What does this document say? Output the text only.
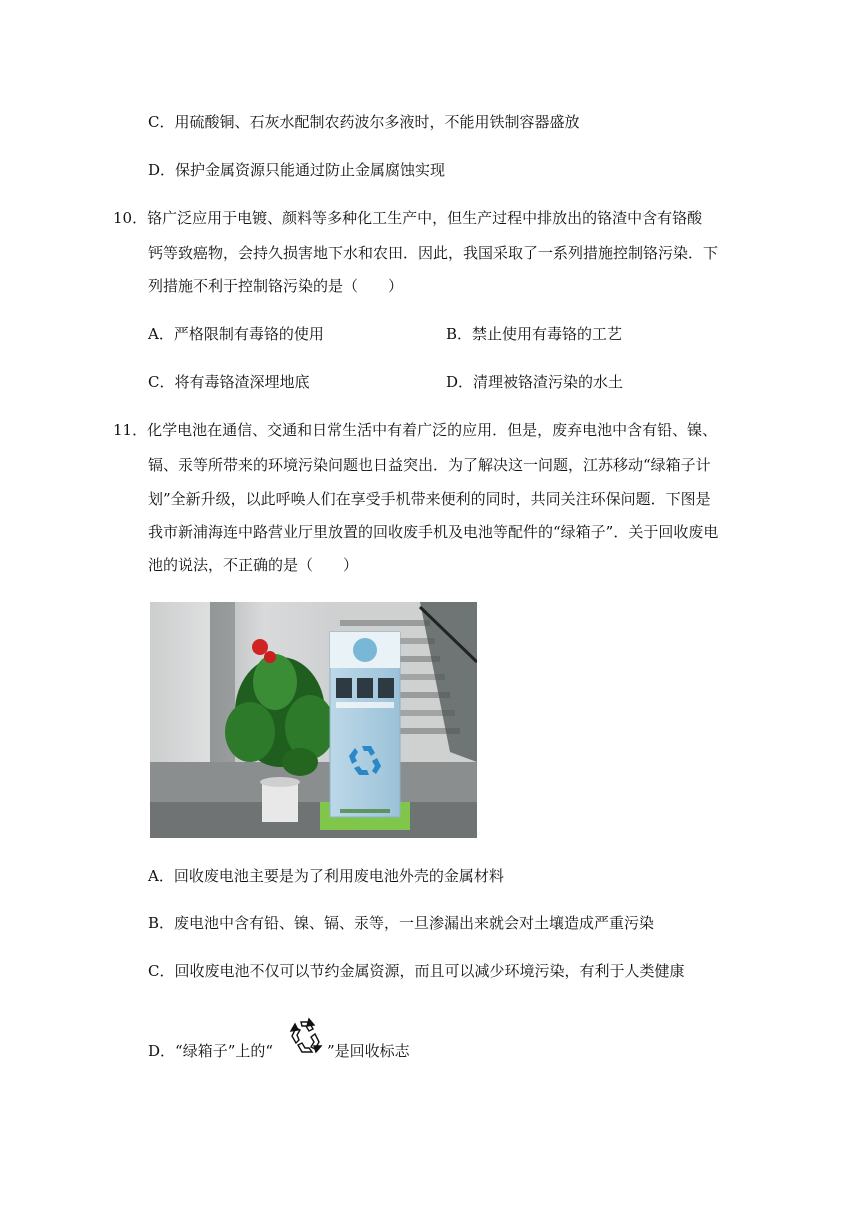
C．用硫酸铜、石灰水配制农药波尔多液时，不能用铁制容器盛放
D．保护金属资源只能通过防止金属腐蚀实现
10．铬广泛应用于电镀、颜料等多种化工生产中，但生产过程中排放出的铬渣中含有铬酸
钙等致癌物，会持久损害地下水和农田．因此，我国采取了一系列措施控制铬污染．下
列措施不利于控制铬污染的是（　　）
A．严格限制有毒铬的使用	B．禁止使用有毒铬的工艺
C．将有毒铬渣深埋地底	D．清理被铬渣污染的水土
11．化学电池在通信、交通和日常生活中有着广泛的应用．但是，废弃电池中含有铅、镍、
镉、汞等所带来的环境污染问题也日益突出．为了解决这一问题，江苏移动“绿箱子计
划”全新升级，以此呼唤人们在享受手机带来便利的同时，共同关注环保问题．下图是
我市新浦海连中路营业厅里放置的回收废手机及电池等配件的“绿箱子”．关于回收废电
池的说法，不正确的是（　　）
A．回收废电池主要是为了利用废电池外壳的金属材料
B．废电池中含有铅、镍、镉、汞等，一旦渗漏出来就会对土壤造成严重污染
C．回收废电池不仅可以节约金属资源，而且可以减少环境污染，有利于人类健康
D．“绿箱子”上的“	”是回收标志
